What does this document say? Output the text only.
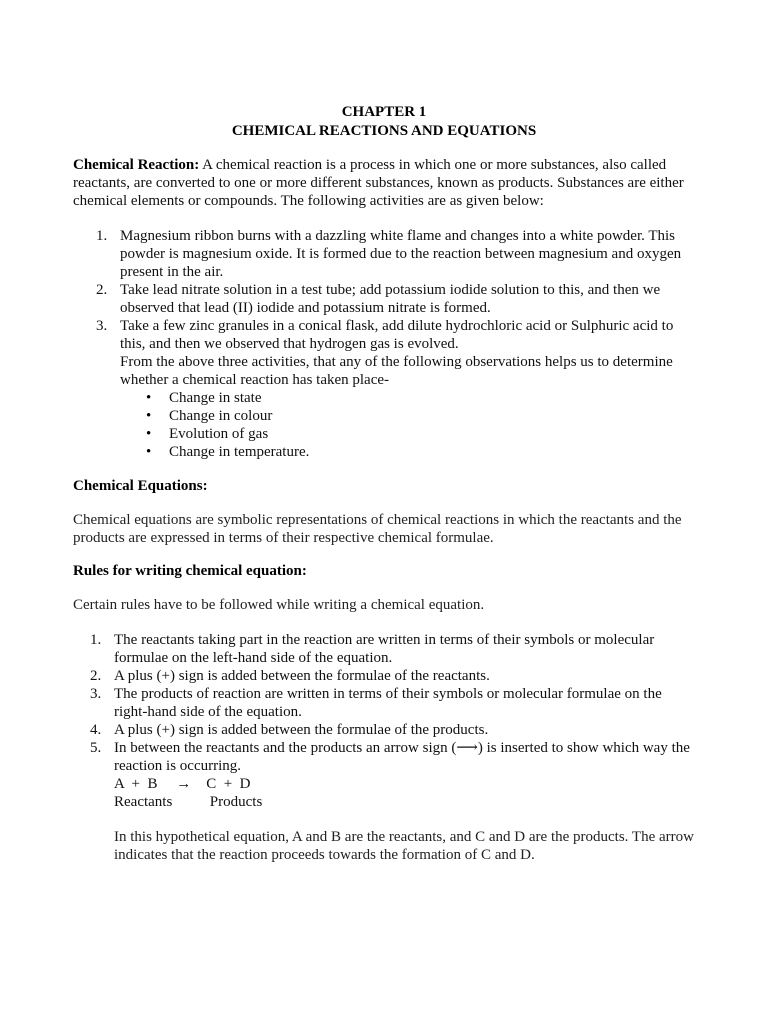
CHAPTER 1

CHEMICAL REACTIONS AND EQUATIONS

Chemical Reaction: A chemical reaction is a process in which one or more substances, also called reactants, are converted to one or more different substances, known as products. Substances are either chemical elements or compounds. The following activities are as given below:

1. Magnesium ribbon burns with a dazzling white flame and changes into a white powder. This powder is magnesium oxide. It is formed due to the reaction between magnesium and oxygen present in the air.
2. Take lead nitrate solution in a test tube; add potassium iodide solution to this, and then we observed that lead (II) iodide and potassium nitrate is formed.
3. Take a few zinc granules in a conical flask, add dilute hydrochloric acid or Sulphuric acid to this, and then we observed that hydrogen gas is evolved.

From the above three activities, that any of the following observations helps us to determine whether a chemical reaction has taken place-

• Change in state
• Change in colour
• Evolution of gas
• Change in temperature.

Chemical Equations:

Chemical equations are symbolic representations of chemical reactions in which the reactants and the products are expressed in terms of their respective chemical formulae.

Rules for writing chemical equation:

Certain rules have to be followed while writing a chemical equation.

1. The reactants taking part in the reaction are written in terms of their symbols or molecular formulae on the left-hand side of the equation.
2. A plus (+) sign is added between the formulae of the reactants.
3. The products of reaction are written in terms of their symbols or molecular formulae on the right-hand side of the equation.
4. A plus (+) sign is added between the formulae of the products.
5. In between the reactants and the products an arrow sign (⟶) is inserted to show which way the reaction is occurring.
A  +  B     →    C  +  D
Reactants          Products

In this hypothetical equation, A and B are the reactants, and C and D are the products. The arrow indicates that the reaction proceeds towards the formation of C and D.
